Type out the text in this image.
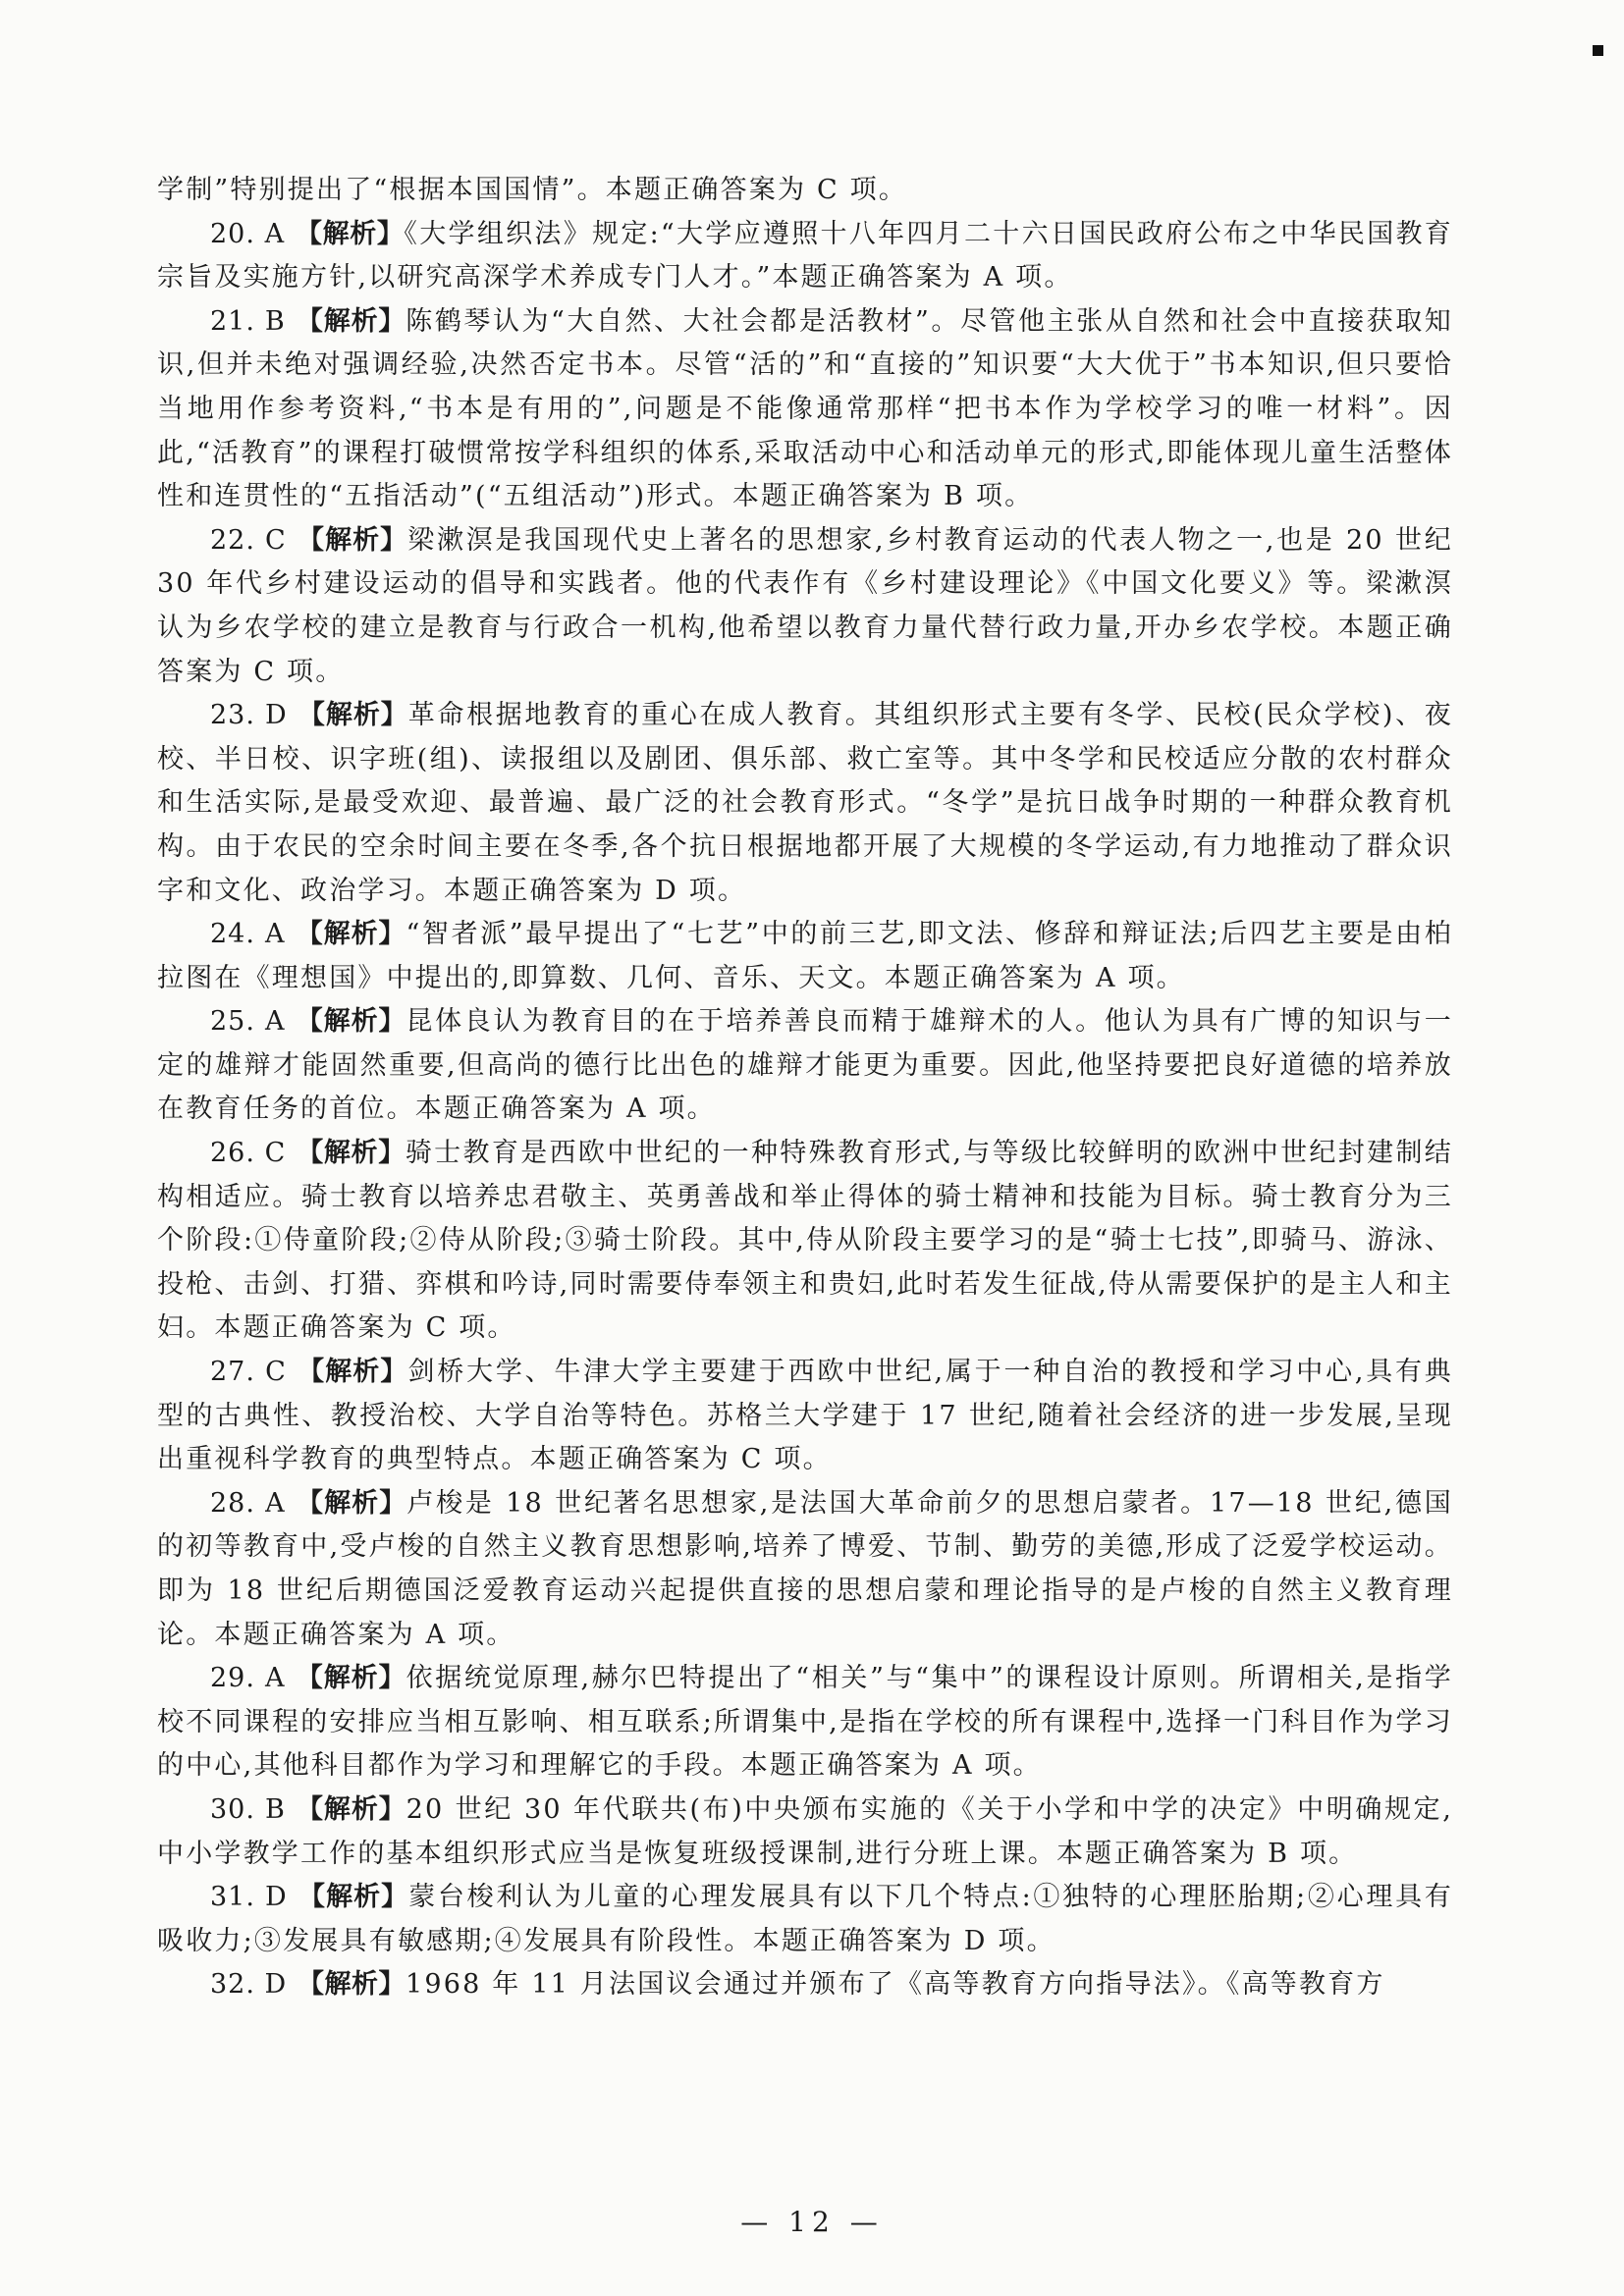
学制”特别提出了“根据本国国情”。本题正确答案为 C 项。

20. A 【解析】《大学组织法》规定:“大学应遵照十八年四月二十六日国民政府公布之中华民国教育宗旨及实施方针,以研究高深学术养成专门人才。”本题正确答案为 A 项。

21. B 【解析】陈鹤琴认为“大自然、大社会都是活教材”。尽管他主张从自然和社会中直接获取知识,但并未绝对强调经验,决然否定书本。尽管“活的”和“直接的”知识要“大大优于”书本知识,但只要恰当地用作参考资料,“书本是有用的”,问题是不能像通常那样“把书本作为学校学习的唯一材料”。因此,“活教育”的课程打破惯常按学科组织的体系,采取活动中心和活动单元的形式,即能体现儿童生活整体性和连贯性的“五指活动”(“五组活动”)形式。本题正确答案为 B 项。

22. C 【解析】梁漱溟是我国现代史上著名的思想家,乡村教育运动的代表人物之一,也是 20 世纪 30 年代乡村建设运动的倡导和实践者。他的代表作有《乡村建设理论》《中国文化要义》等。梁漱溟认为乡农学校的建立是教育与行政合一机构,他希望以教育力量代替行政力量,开办乡农学校。本题正确答案为 C 项。

23. D 【解析】革命根据地教育的重心在成人教育。其组织形式主要有冬学、民校(民众学校)、夜校、半日校、识字班(组)、读报组以及剧团、俱乐部、救亡室等。其中冬学和民校适应分散的农村群众和生活实际,是最受欢迎、最普遍、最广泛的社会教育形式。“冬学”是抗日战争时期的一种群众教育机构。由于农民的空余时间主要在冬季,各个抗日根据地都开展了大规模的冬学运动,有力地推动了群众识字和文化、政治学习。本题正确答案为 D 项。

24. A 【解析】“智者派”最早提出了“七艺”中的前三艺,即文法、修辞和辩证法;后四艺主要是由柏拉图在《理想国》中提出的,即算数、几何、音乐、天文。本题正确答案为 A 项。

25. A 【解析】昆体良认为教育目的在于培养善良而精于雄辩术的人。他认为具有广博的知识与一定的雄辩才能固然重要,但高尚的德行比出色的雄辩才能更为重要。因此,他坚持要把良好道德的培养放在教育任务的首位。本题正确答案为 A 项。

26. C 【解析】骑士教育是西欧中世纪的一种特殊教育形式,与等级比较鲜明的欧洲中世纪封建制结构相适应。骑士教育以培养忠君敬主、英勇善战和举止得体的骑士精神和技能为目标。骑士教育分为三个阶段:①侍童阶段;②侍从阶段;③骑士阶段。其中,侍从阶段主要学习的是“骑士七技”,即骑马、游泳、投枪、击剑、打猎、弈棋和吟诗,同时需要侍奉领主和贵妇,此时若发生征战,侍从需要保护的是主人和主妇。本题正确答案为 C 项。

27. C 【解析】剑桥大学、牛津大学主要建于西欧中世纪,属于一种自治的教授和学习中心,具有典型的古典性、教授治校、大学自治等特色。苏格兰大学建于 17 世纪,随着社会经济的进一步发展,呈现出重视科学教育的典型特点。本题正确答案为 C 项。

28. A 【解析】卢梭是 18 世纪著名思想家,是法国大革命前夕的思想启蒙者。17—18 世纪,德国的初等教育中,受卢梭的自然主义教育思想影响,培养了博爱、节制、勤劳的美德,形成了泛爱学校运动。即为 18 世纪后期德国泛爱教育运动兴起提供直接的思想启蒙和理论指导的是卢梭的自然主义教育理论。本题正确答案为 A 项。

29. A 【解析】依据统觉原理,赫尔巴特提出了“相关”与“集中”的课程设计原则。所谓相关,是指学校不同课程的安排应当相互影响、相互联系;所谓集中,是指在学校的所有课程中,选择一门科目作为学习的中心,其他科目都作为学习和理解它的手段。本题正确答案为 A 项。

30. B 【解析】20 世纪 30 年代联共(布)中央颁布实施的《关于小学和中学的决定》中明确规定,中小学教学工作的基本组织形式应当是恢复班级授课制,进行分班上课。本题正确答案为 B 项。

31. D 【解析】蒙台梭利认为儿童的心理发展具有以下几个特点:①独特的心理胚胎期;②心理具有吸收力;③发展具有敏感期;④发展具有阶段性。本题正确答案为 D 项。

32. D 【解析】1968 年 11 月法国议会通过并颁布了《高等教育方向指导法》。《高等教育方

— 12 —
